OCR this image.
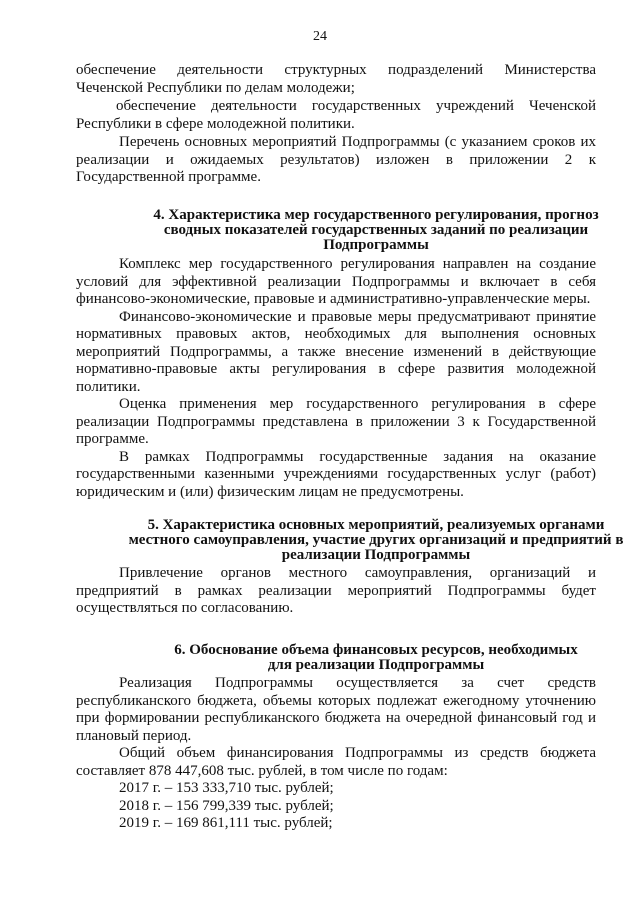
24

обеспечение деятельности структурных подразделений Министерства
Чеченской Республики по делам молодежи;

обеспечение деятельности государственных учреждений Чеченской
Республики в сфере молодежной политики.

Перечень основных мероприятий Подпрограммы (с указанием сроков их
реализации и ожидаемых результатов) изложен в приложении 2 к
Государственной программе.

4. Характеристика мер государственного регулирования, прогноз
сводных показателей государственных заданий по реализации
Подпрограммы

Комплекс мер государственного регулирования направлен на создание
условий для эффективной реализации Подпрограммы и включает в себя
финансово-экономические, правовые и административно-управленческие меры.

Финансово-экономические и правовые меры предусматривают принятие
нормативных правовых актов, необходимых для выполнения основных
мероприятий Подпрограммы, а также внесение изменений в действующие
нормативно-правовые акты регулирования в сфере развития молодежной
политики.

Оценка применения мер государственного регулирования в сфере
реализации Подпрограммы представлена в приложении 3 к Государственной
программе.

В рамках Подпрограммы государственные задания на оказание
государственными казенными учреждениями государственных услуг (работ)
юридическим и (или) физическим лицам не предусмотрены.

5. Характеристика основных мероприятий, реализуемых органами
местного самоуправления, участие других организаций и предприятий в
реализации Подпрограммы

Привлечение органов местного самоуправления, организаций и
предприятий в рамках реализации мероприятий Подпрограммы будет
осуществляться по согласованию.

6. Обоснование объема финансовых ресурсов, необходимых
для реализации Подпрограммы

Реализация Подпрограммы осуществляется за счет средств
республиканского бюджета, объемы которых подлежат ежегодному уточнению
при формировании республиканского бюджета на очередной финансовый год и
плановый период.

Общий объем финансирования Подпрограммы из средств бюджета
составляет 878 447,608 тыс. рублей, в том числе по годам:

2017 г. – 153 333,710 тыс. рублей;

2018 г. – 156 799,339 тыс. рублей;

2019 г. – 169 861,111 тыс. рублей;
